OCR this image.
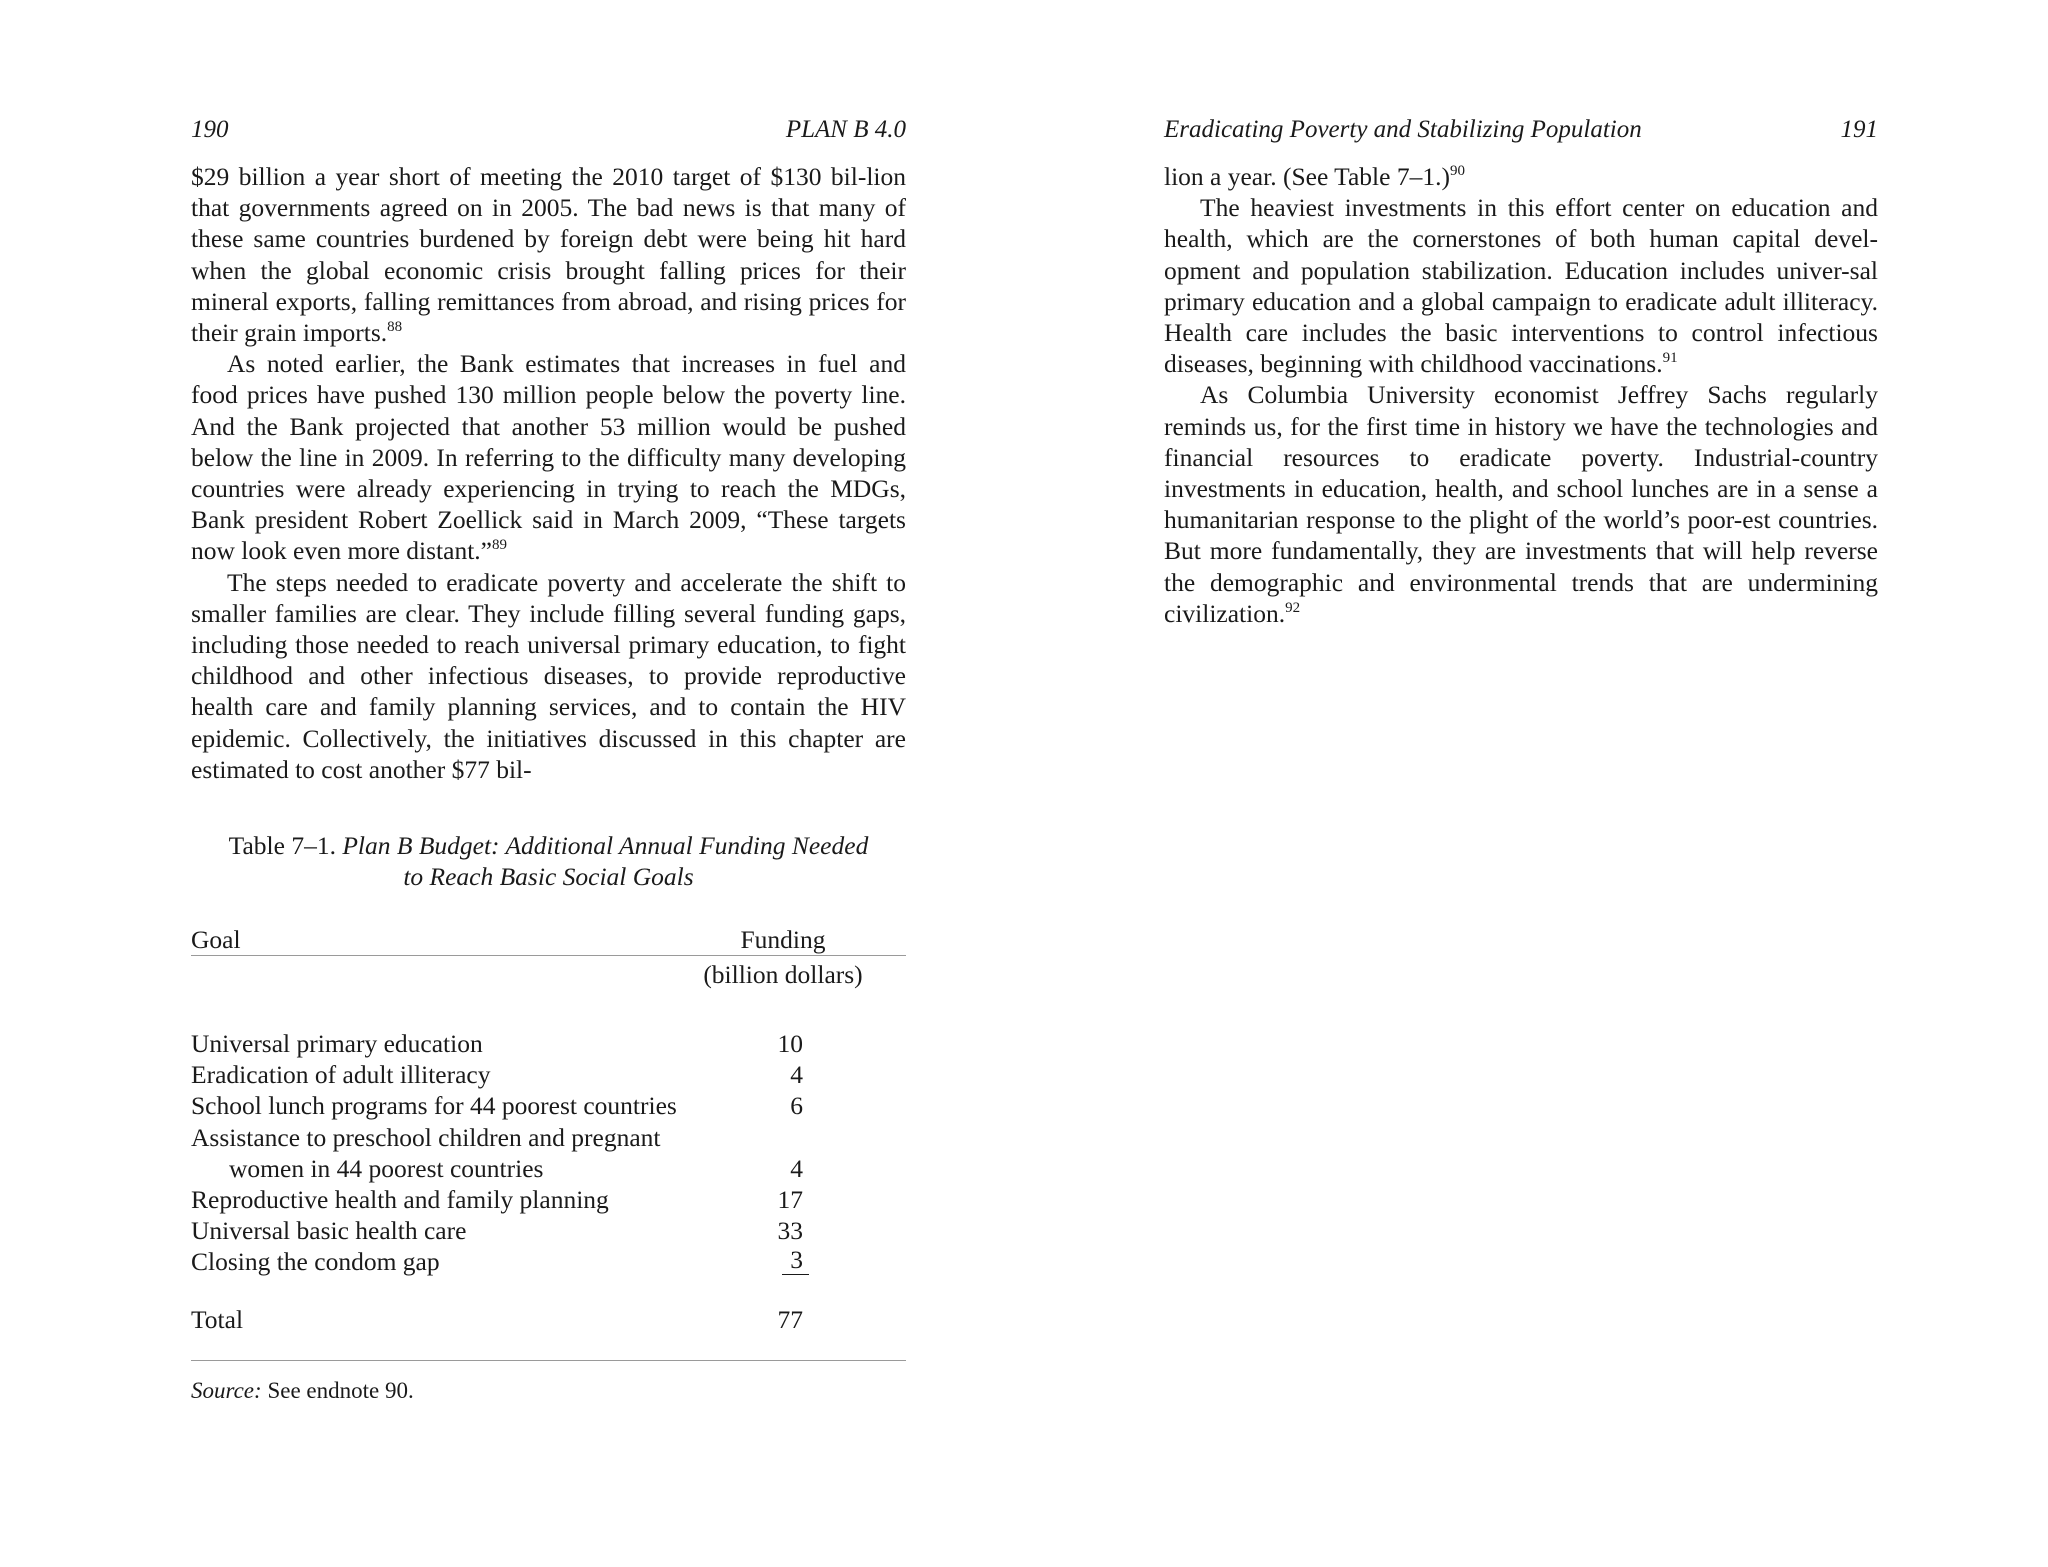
190	PLAN B 4.0

$29 billion a year short of meeting the 2010 target of $130 bil-lion that governments agreed on in 2005. The bad news is that many of these same countries burdened by foreign debt were being hit hard when the global economic crisis brought falling prices for their mineral exports, falling remittances from abroad, and rising prices for their grain imports.$^{88}$

As noted earlier, the Bank estimates that increases in fuel and food prices have pushed 130 million people below the poverty line. And the Bank projected that another 53 million would be pushed below the line in 2009. In referring to the difficulty many developing countries were already experiencing in trying to reach the MDGs, Bank president Robert Zoellick said in March 2009, “These targets now look even more distant.”$^{89}$

The steps needed to eradicate poverty and accelerate the shift to smaller families are clear. They include filling several funding gaps, including those needed to reach universal primary education, to fight childhood and other infectious diseases, to provide reproductive health care and family planning services, and to contain the HIV epidemic. Collectively, the initiatives discussed in this chapter are estimated to cost another $77 bil-

Table 7–1. Plan B Budget: Additional Annual Funding Needed
to Reach Basic Social Goals
Goal	Funding
(billion dollars)
Universal primary education	10
Eradication of adult illiteracy	4
School lunch programs for 44 poorest countries	6
Assistance to preschool children and pregnant
women in 44 poorest countries	4
Reproductive health and family planning	17
Universal basic health care	33
Closing the condom gap	3
Total	77
Source: See endnote 90.
Eradicating Poverty and Stabilizing Population	191

lion a year. (See Table 7–1.)$^{90}$

The heaviest investments in this effort center on education and health, which are the cornerstones of both human capital devel-opment and population stabilization. Education includes univer-sal primary education and a global campaign to eradicate adult illiteracy. Health care includes the basic interventions to control infectious diseases, beginning with childhood vaccinations.$^{91}$

As Columbia University economist Jeffrey Sachs regularly reminds us, for the first time in history we have the technologies and financial resources to eradicate poverty. Industrial-country investments in education, health, and school lunches are in a sense a humanitarian response to the plight of the world’s poor-est countries. But more fundamentally, they are investments that will help reverse the demographic and environmental trends that are undermining civilization.$^{92}$
